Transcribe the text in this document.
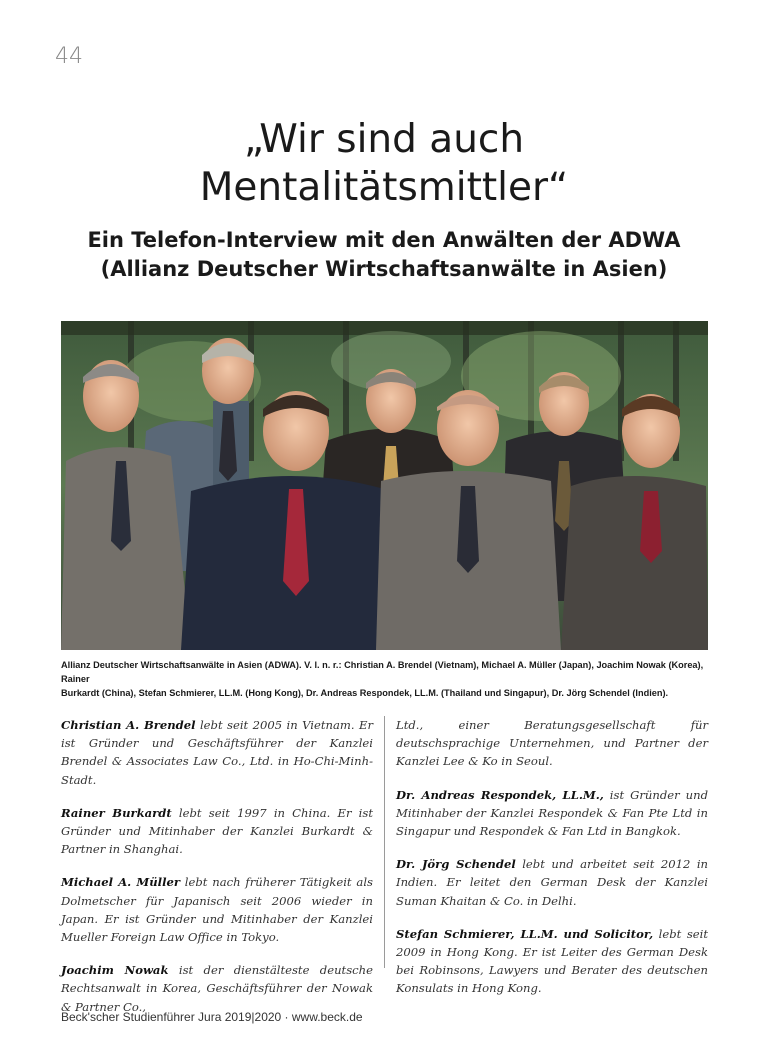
44
„Wir sind auch
Mentalitätsmittler“
Ein Telefon-Interview mit den Anwälten der ADWA
(Allianz Deutscher Wirtschaftsanwälte in Asien)
Allianz Deutscher Wirtschaftsanwälte in Asien (ADWA). V. l. n. r.: Christian A. Brendel (Vietnam), Michael A. Müller (Japan), Joachim Nowak (Korea), Rainer
Burkardt (China), Stefan Schmierer, LL.M. (Hong Kong), Dr. Andreas Respondek, LL.M. (Thailand und Singapur), Dr. Jörg Schendel (Indien).

Christian A. Brendel lebt seit 2005 in Vietnam. Er ist Gründer und Geschäftsführer der Kanzlei Brendel & Associates Law Co., Ltd. in Ho-Chi-Minh-Stadt.

Rainer Burkardt lebt seit 1997 in China. Er ist Gründer und Mitinhaber der Kanzlei Burkardt & Partner in Shanghai.

Michael A. Müller lebt nach früherer Tätigkeit als Dolmetscher für Japanisch seit 2006 wieder in Japan. Er ist Gründer und Mitinhaber der Kanzlei Mueller Foreign Law Office in Tokyo.

Joachim Nowak ist der dienstälteste deutsche Rechtsanwalt in Korea, Geschäftsführer der Nowak & Partner Co.,

Ltd., einer Beratungsgesellschaft für deutschsprachige Unternehmen, und Partner der Kanzlei Lee & Ko in Seoul.

Dr. Andreas Respondek, LL.M., ist Gründer und Mitinhaber der Kanzlei Respondek & Fan Pte Ltd in Singapur und Respondek & Fan Ltd in Bangkok.

Dr. Jörg Schendel lebt und arbeitet seit 2012 in Indien. Er leitet den German Desk der Kanzlei Suman Khaitan & Co. in Delhi.

Stefan Schmierer, LL.M. und Solicitor, lebt seit 2009 in Hong Kong. Er ist Leiter des German Desk bei Robinsons, Lawyers und Berater des deutschen Konsulats in Hong Kong.

Beck'scher Studienführer Jura 2019|2020 · www.beck.de
